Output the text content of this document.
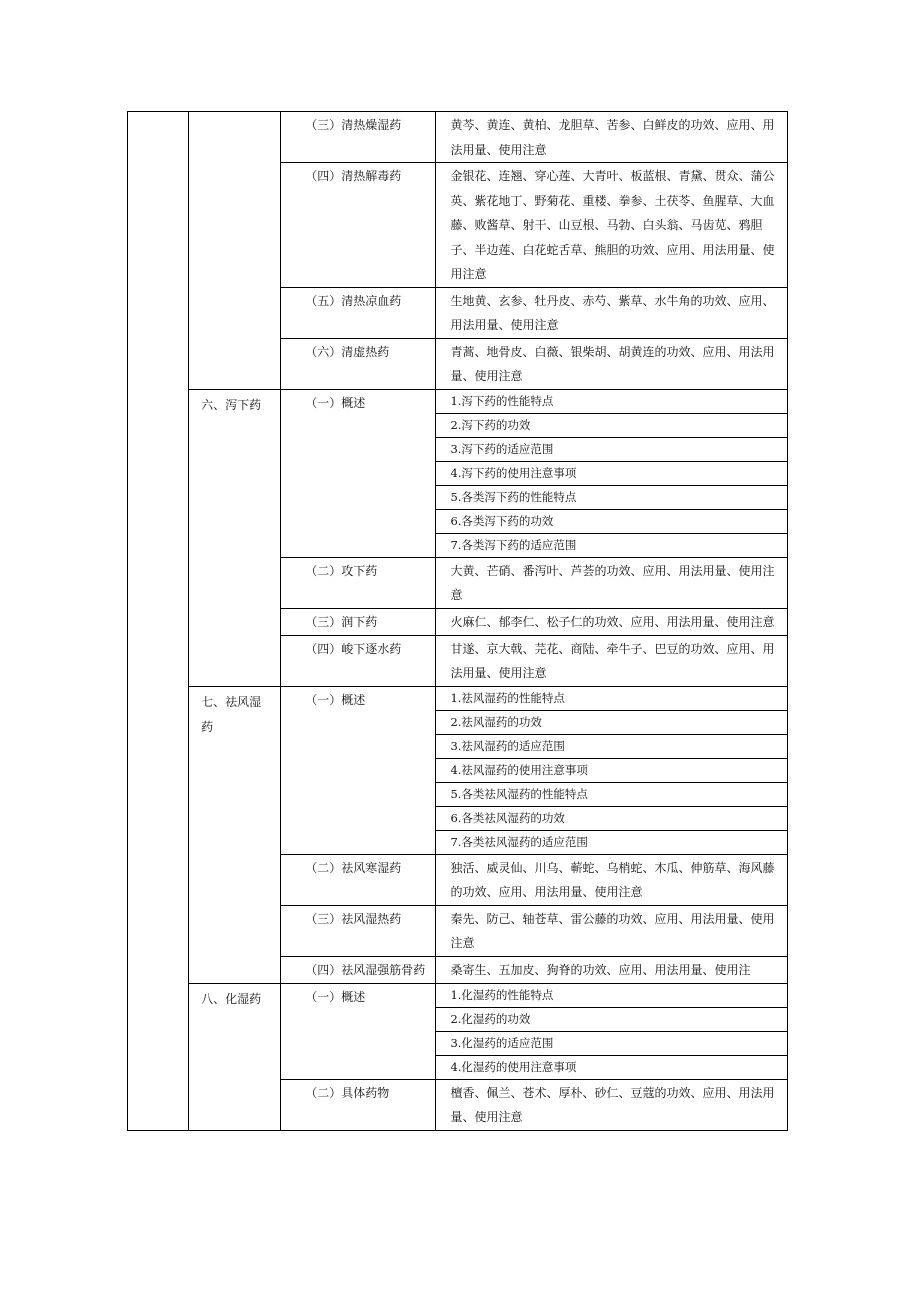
		（三）清热燥湿药	黄芩、黄连、黄柏、龙胆草、苦参、白鲜皮的功效、应用、用法用量、使用注意

		（四）清热解毒药	金银花、连翘、穿心莲、大青叶、板蓝根、青黛、贯众、蒲公英、紫花地丁、野菊花、重楼、拳参、土茯苓、鱼腥草、大血藤、败酱草、射干、山豆根、马勃、白头翁、马齿苋、鸦胆子、半边莲、白花蛇舌草、熊胆的功效、应用、用法用量、使用注意

		（五）清热凉血药	生地黄、玄参、牡丹皮、赤芍、紫草、水牛角的功效、应用、用法用量、使用注意

		（六）清虚热药	青蒿、地骨皮、白薇、银柴胡、胡黄连的功效、应用、用法用量、使用注意

	六、泻下药	（一）概述	1.泻下药的性能特点

			2.泻下药的功效

			3.泻下药的适应范围

			4.泻下药的使用注意事项

			5.各类泻下药的性能特点

			6.各类泻下药的功效

			7.各类泻下药的适应范围

		（二）攻下药	大黄、芒硝、番泻叶、芦荟的功效、应用、用法用量、使用注意

		（三）润下药	火麻仁、郁李仁、松子仁的功效、应用、用法用量、使用注意

		（四）峻下逐水药	甘遂、京大戟、芫花、商陆、牵牛子、巴豆的功效、应用、用法用量、使用注意

	七、祛风湿药	（一）概述	1.祛风湿药的性能特点

			2.祛风湿药的功效

			3.祛风湿药的适应范围

			4.祛风湿药的使用注意事项

			5.各类祛风湿药的性能特点

			6.各类祛风湿药的功效

			7.各类祛风湿药的适应范围

		（二）祛风寒湿药	独活、威灵仙、川乌、蕲蛇、乌梢蛇、木瓜、伸筋草、海风藤的功效、应用、用法用量、使用注意

		（三）祛风湿热药	秦先、防己、轴苍草、雷公藤的功效、应用、用法用量、使用注意

		（四）祛风湿强筋骨药	桑寄生、五加皮、狗脊的功效、应用、用法用量、使用注

	八、化湿药	（一）概述	1.化湿药的性能特点

			2.化湿药的功效

			3.化湿药的适应范围

			4.化湿药的使用注意事项

		（二）具体药物	檀香、佩兰、苍术、厚朴、砂仁、豆蔻的功效、应用、用法用量、使用注意
